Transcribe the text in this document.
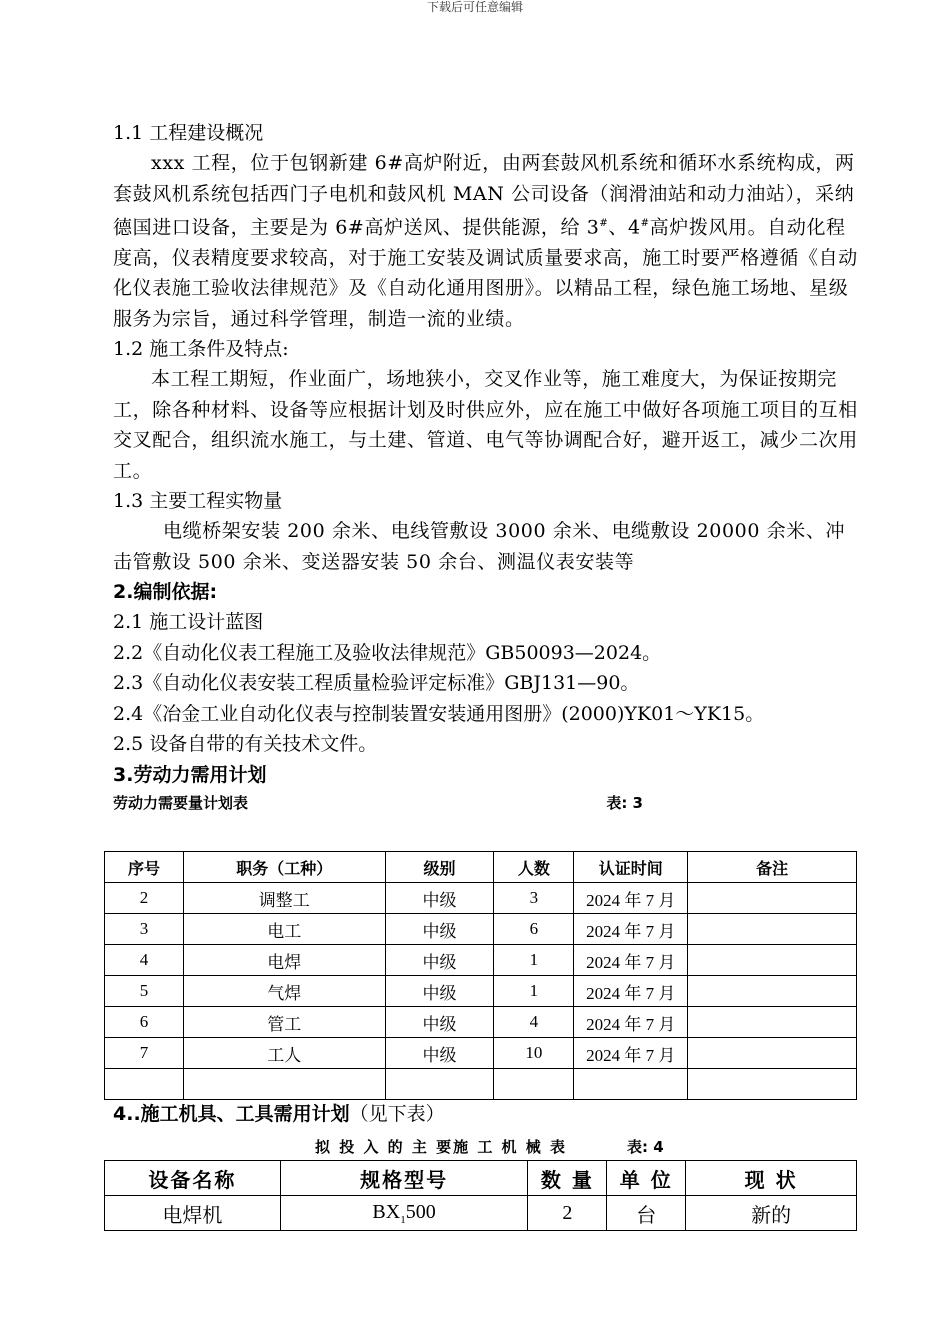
下载后可任意编辑

1.1 工程建设概况

xxx 工程，位于包钢新建 6#高炉附近，由两套鼓风机系统和循环水系统构成，两套鼓风机系统包括西门子电机和鼓风机 MAN 公司设备（润滑油站和动力油站），采纳德国进口设备，主要是为 6#高炉送风、提供能源，给 3#、4#高炉拨风用。自动化程度高，仪表精度要求较高，对于施工安装及调试质量要求高，施工时要严格遵循《自动化仪表施工验收法律规范》及《自动化通用图册》。以精品工程，绿色施工场地、星级服务为宗旨，通过科学管理，制造一流的业绩。

1.2 施工条件及特点:

本工程工期短，作业面广，场地狭小，交叉作业等，施工难度大，为保证按期完工，除各种材料、设备等应根据计划及时供应外，应在施工中做好各项施工项目的互相交叉配合，组织流水施工，与土建、管道、电气等协调配合好，避开返工，减少二次用工。

1.3 主要工程实物量

电缆桥架安装 200 余米、电线管敷设 3000 余米、电缆敷设 20000 余米、冲击管敷设 500 余米、变送器安装 50 余台、测温仪表安装等

2.编制依据:

2.1 施工设计蓝图

2.2《自动化仪表工程施工及验收法律规范》GB50093—2024。

2.3《自动化仪表安装工程质量检验评定标准》GBJ131—90。

2.4《冶金工业自动化仪表与控制装置安装通用图册》(2000)YK01～YK15。

2.5 设备自带的有关技术文件。

3.劳动力需用计划

劳动力需要量计划表	表: 3
序号	职务（工种）	级别	人数	认证时间	备注
2	调整工	中级	3	2024 年 7 月	
3	电工	中级	6	2024 年 7 月	
4	电焊	中级	1	2024 年 7 月	
5	气焊	中级	1	2024 年 7 月	
6	管工	中级	4	2024 年 7 月	
7	工人	中级	10	2024 年 7 月	

4..施工机具、工具需用计划（见下表）
拟 投 入 的 主 要施 工 机 械 表	表: 4
设备名称	规格型号	数 量	单 位	现 状
电焊机	$BX_1500$	2	台	新的
